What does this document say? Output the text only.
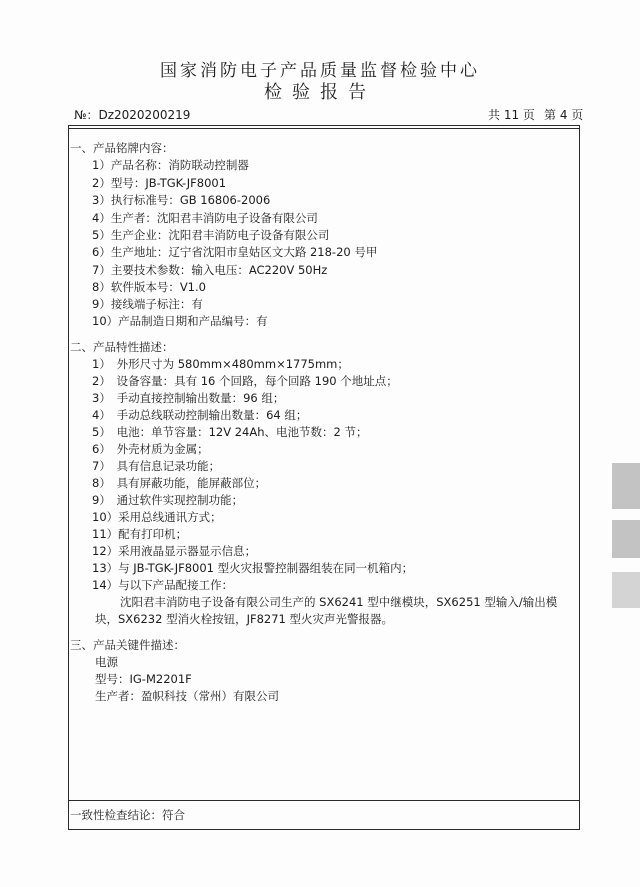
国家消防电子产品质量监督检验中心
检验报告
№：Dz2020200219	共 11 页 第 4 页
一、产品铭牌内容：
1）产品名称：消防联动控制器
2）型号：JB-TGK-JF8001
3）执行标准号：GB 16806-2006
4）生产者：沈阳君丰消防电子设备有限公司
5）生产企业：沈阳君丰消防电子设备有限公司
6）生产地址：辽宁省沈阳市皇姑区文大路 218-20 号甲
7）主要技术参数：输入电压：AC220V 50Hz
8）软件版本号：V1.0
9）接线端子标注：有
10）产品制造日期和产品编号：有
二、产品特性描述：
1）　外形尺寸为 580mm×480mm×1775mm；
2）　设备容量：具有 16 个回路，每个回路 190 个地址点；
3）　手动直接控制输出数量：96 组；
4）　手动总线联动控制输出数量：64 组；
5）　电池：单节容量：12V 24Ah、电池节数：2 节；
6）　外壳材质为金属；
7）　具有信息记录功能；
8）　具有屏蔽功能，能屏蔽部位；
9）　通过软件实现控制功能；
10）采用总线通讯方式；
11）配有打印机；
12）采用液晶显示器显示信息；
13）与 JB-TGK-JF8001 型火灾报警控制器组装在同一机箱内；
14）与以下产品配接工作：
沈阳君丰消防电子设备有限公司生产的 SX6241 型中继模块，SX6251 型输入/输出模
块，SX6232 型消火栓按钮，JF8271 型火灾声光警报器。
三、产品关键件描述：
电源
型号：IG-M2201F
生产者：盈帜科技（常州）有限公司
一致性检查结论：符合
